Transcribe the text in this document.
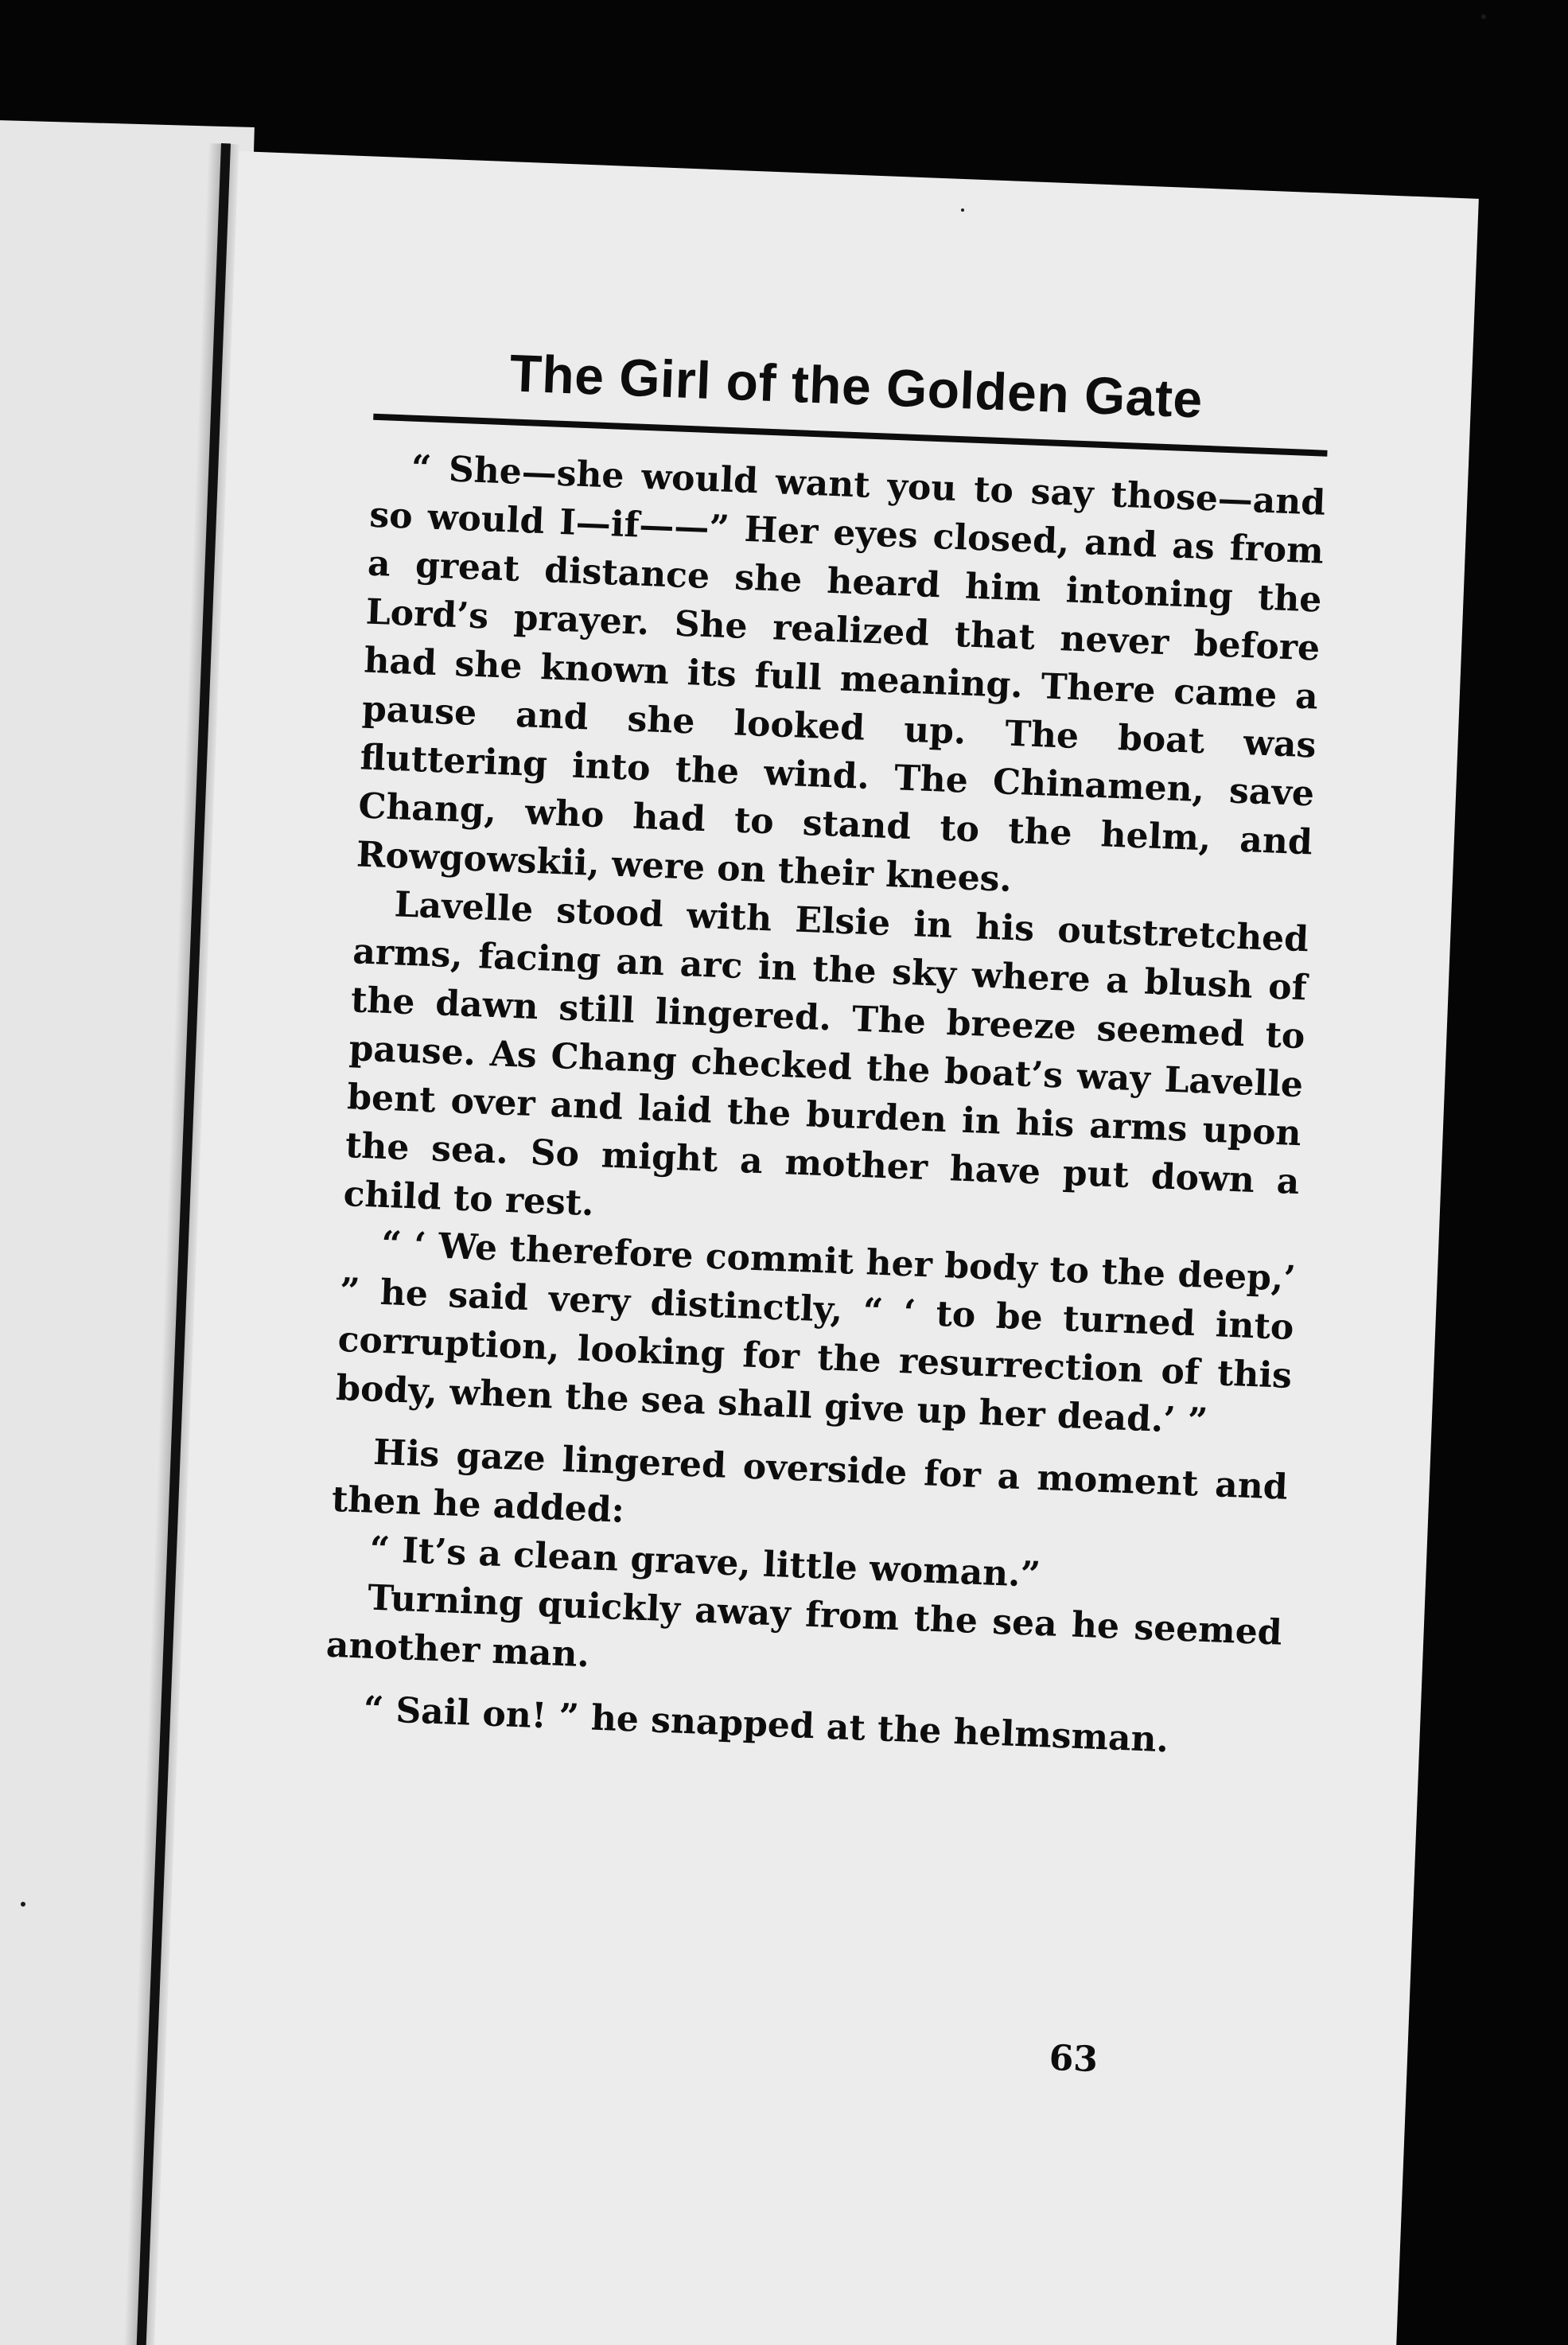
The Girl of the Golden Gate

“ She—she would want you to say those—and so would I—if——” Her eyes closed, and as from a great distance she heard him intoning the Lord’s prayer. She realized that never before had she known its full meaning. There came a pause and she looked up. The boat was fluttering into the wind. The Chinamen, save Chang, who had to stand to the helm, and Rowgowskii, were on their knees.

Lavelle stood with Elsie in his outstretched arms, facing an arc in the sky where a blush of the dawn still lingered. The breeze seemed to pause. As Chang checked the boat’s way Lavelle bent over and laid the burden in his arms upon the sea. So might a mother have put down a child to rest.

“ ‘ We therefore commit her body to the deep,’ ” he said very distinctly, “ ‘ to be turned into corruption, looking for the resurrection of this body, when the sea shall give up her dead.’ ”

His gaze lingered overside for a moment and then he added:

“ It’s a clean grave, little woman.”

Turning quickly away from the sea he seemed another man.

“ Sail on! ” he snapped at the helmsman.

63
